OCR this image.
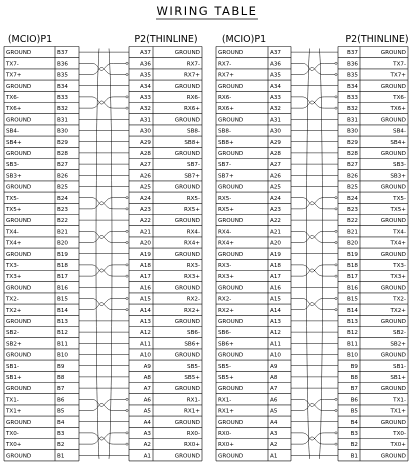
WIRING TABLE
(MCIO)P1	P2(THINLINE)
GROUND	B37	A37	GROUND
TX7-	B36	A36	RX7-
TX7+	B35	A35	RX7+
GROUND	B34	A34	GROUND
TX6-	B33	A33	RX6-
TX6+	B32	A32	RX6+
GROUND	B31	A31	GROUND
SB4-	B30	A30	SB8-
SB4+	B29	A29	SB8+
GROUND	B28	A28	GROUND
SB3-	B27	A27	SB7-
SB3+	B26	A26	SB7+
GROUND	B25	A25	GROUND
TX5-	B24	A24	RX5-
TX5+	B23	A23	RX5+
GROUND	B22	A22	GROUND
TX4-	B21	A21	RX4-
TX4+	B20	A20	RX4+
GROUND	B19	A19	GROUND
TX3-	B18	A18	RX3-
TX3+	B17	A17	RX3+
GROUND	B16	A16	GROUND
TX2-	B15	A15	RX2-
TX2+	B14	A14	RX2+
GROUND	B13	A13	GROUND
SB2-	B12	A12	SB6-
SB2+	B11	A11	SB6+
GROUND	B10	A10	GROUND
SB1-	B9	A9	SB5-
SB1+	B8	A8	SB5+
GROUND	B7	A7	GROUND
TX1-	B6	A6	RX1-
TX1+	B5	A5	RX1+
GROUND	B4	A4	GROUND
TX0-	B3	A3	RX0-
TX0+	B2	A2	RX0+
GROUND	B1	A1	GROUND
(MCIO)P1	P2(THINLINE)
GROUND	A37	B37	GROUND
RX7-	A36	B36	TX7-
RX7+	A35	B35	TX7+
GROUND	A34	B34	GROUND
RX6-	A33	B33	TX6-
RX6+	A32	B32	TX6+
GROUND	A31	B31	GROUND
SB8-	A30	B30	SB4-
SB8+	A29	B29	SB4+
GROUND	A28	B28	GROUND
SB7-	A27	B27	SB3-
SB7+	A26	B26	SB3+
GROUND	A25	B25	GROUND
RX5-	A24	B24	TX5-
RX5+	A23	B23	TX5+
GROUND	A22	B22	GROUND
RX4-	A21	B21	TX4-
RX4+	A20	B20	TX4+
GROUND	A19	B19	GROUND
RX3-	A18	B18	TX3-
RX3+	A17	B17	TX3+
GROUND	A16	B16	GROUND
RX2-	A15	B15	TX2-
RX2+	A14	B14	TX2+
GROUND	A13	B13	GROUND
SB6-	A12	B12	SB2-
SB6+	A11	B11	SB2+
GROUND	A10	B10	GROUND
SB5-	A9	B9	SB1-
SB5+	A8	B8	SB1+
GROUND	A7	B7	GROUND
RX1-	A6	B6	TX1-
RX1+	A5	B5	TX1+
GROUND	A4	B4	GROUND
RX0-	A3	B3	TX0-
RX0+	A2	B2	TX0+
GROUND	A1	B1	GROUND
